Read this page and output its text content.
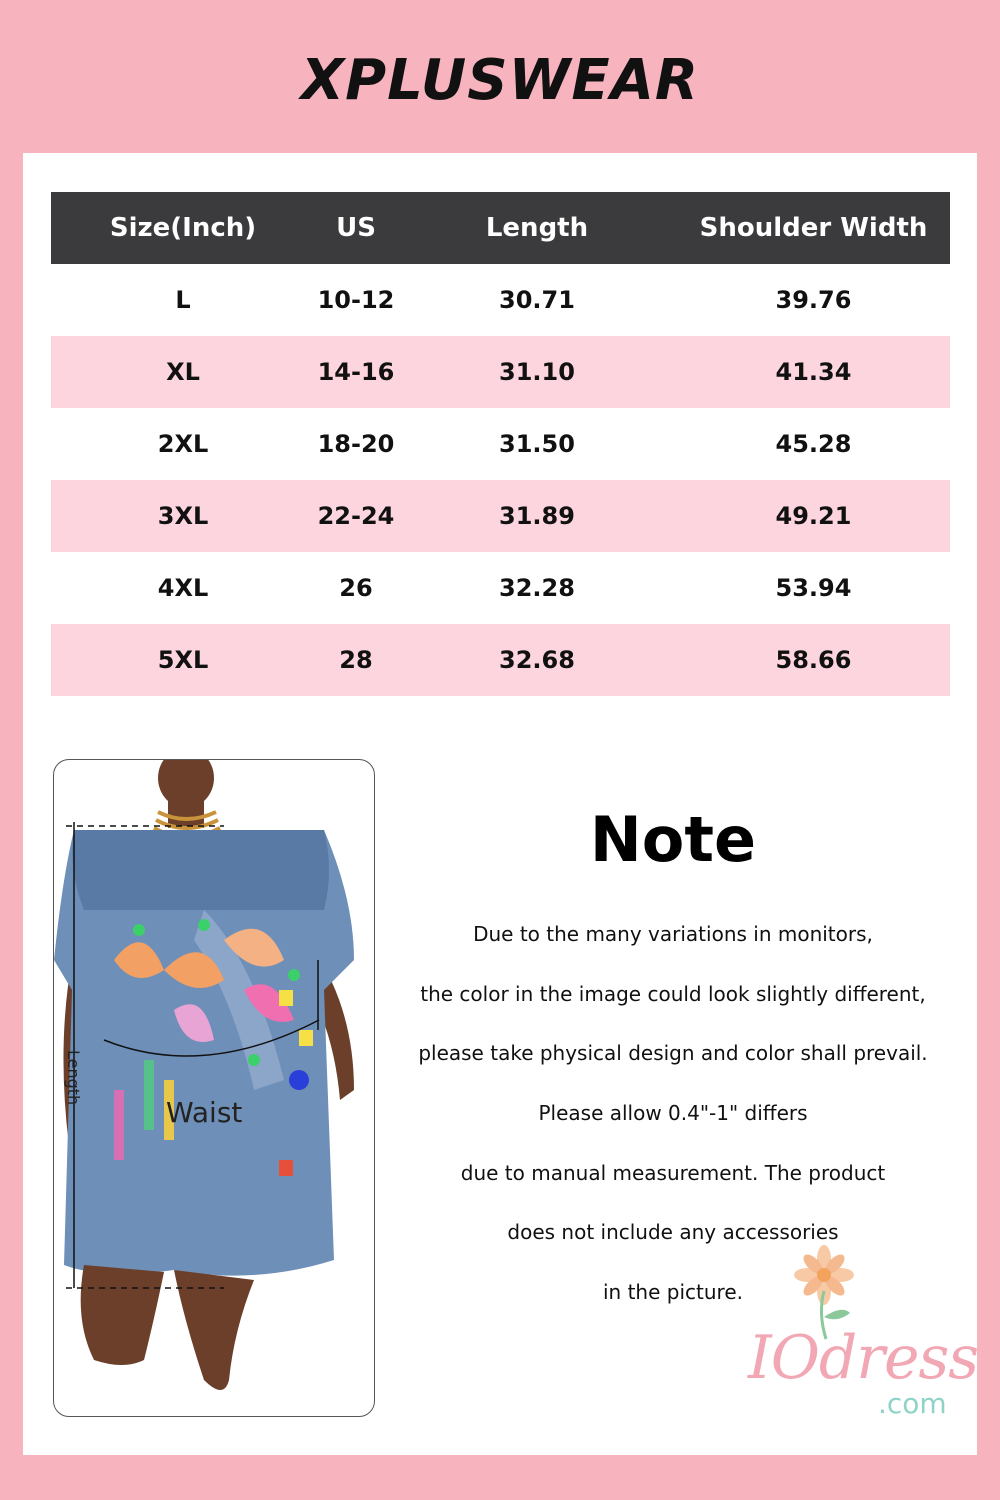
XPLUSWEAR
Size(Inch)	US	Length	Shoulder Width
L	10-12	30.71	39.76
XL	14-16	31.10	41.34
2XL	18-20	31.50	45.28
3XL	22-24	31.89	49.21
4XL	26	32.28	53.94
5XL	28	32.68	58.66
Length
Waist
Note
Due to the many variations in monitors,
the color in the image could look slightly different,
please take physical design and color shall prevail.
Please allow 0.4"-1" differs
due to manual measurement. The product
does not include any accessories
in the picture.
IOdress
.com
